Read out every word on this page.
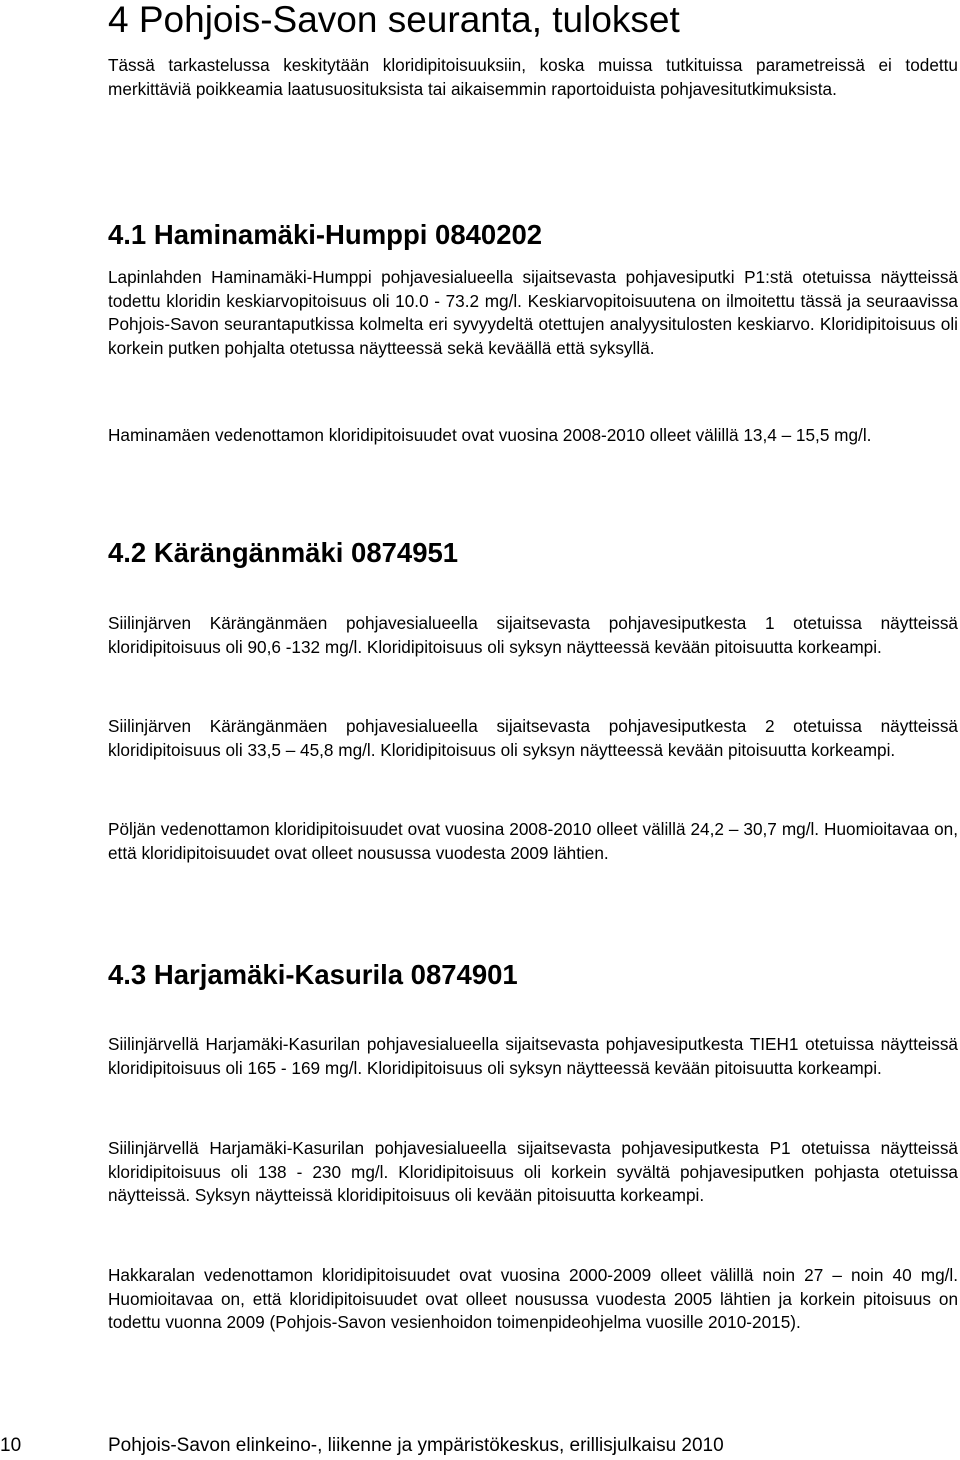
4 Pohjois-Savon seuranta, tulokset

Tässä tarkastelussa keskitytään kloridipitoisuuksiin, koska muissa tutkituissa parametreissä ei todettu merkittäviä poikkeamia laatusuosituksista tai aikaisemmin raportoiduista pohjavesitutkimuksista.

4.1 Haminamäki-Humppi 0840202

Lapinlahden Haminamäki-Humppi pohjavesialueella sijaitsevasta pohjavesiputki P1:stä otetuissa näytteissä todettu kloridin keskiarvopitoisuus oli 10.0 - 73.2 mg/l. Keskiarvopitoisuutena on ilmoitettu tässä ja seuraavissa Pohjois-Savon seurantaputkissa kolmelta eri syvyydeltä otettujen analyysitulosten keskiarvo. Kloridipitoisuus oli korkein putken pohjalta otetussa näytteessä sekä keväällä että syksyllä.

Haminamäen vedenottamon kloridipitoisuudet ovat vuosina 2008-2010 olleet välillä 13,4 – 15,5 mg/l.

4.2 Kärängänmäki 0874951

Siilinjärven Kärängänmäen pohjavesialueella sijaitsevasta pohjavesiputkesta 1 otetuissa näytteissä kloridipitoisuus oli 90,6 -132 mg/l. Kloridipitoisuus oli syksyn näytteessä kevään pitoisuutta korkeampi.

Siilinjärven Kärängänmäen pohjavesialueella sijaitsevasta pohjavesiputkesta 2 otetuissa näytteissä kloridipitoisuus oli 33,5 – 45,8 mg/l. Kloridipitoisuus oli syksyn näytteessä kevään pitoisuutta korkeampi.

Pöljän vedenottamon kloridipitoisuudet ovat vuosina 2008-2010 olleet välillä 24,2 – 30,7 mg/l. Huomioitavaa on, että kloridipitoisuudet ovat olleet nousussa vuodesta 2009 lähtien.

4.3 Harjamäki-Kasurila 0874901

Siilinjärvellä Harjamäki-Kasurilan pohjavesialueella sijaitsevasta pohjavesiputkesta TIEH1 otetuissa näytteissä kloridipitoisuus oli 165 - 169 mg/l. Kloridipitoisuus oli syksyn näytteessä kevään pitoisuutta korkeampi.

Siilinjärvellä Harjamäki-Kasurilan pohjavesialueella sijaitsevasta pohjavesiputkesta P1 otetuissa näytteissä kloridipitoisuus oli 138 - 230 mg/l. Kloridipitoisuus oli korkein syvältä pohjavesiputken pohjasta otetuissa näytteissä. Syksyn näytteissä kloridipitoisuus oli kevään pitoisuutta korkeampi.

Hakkaralan vedenottamon kloridipitoisuudet ovat vuosina 2000-2009 olleet välillä noin 27 – noin 40 mg/l. Huomioitavaa on, että kloridipitoisuudet ovat olleet nousussa vuodesta 2005 lähtien ja korkein pitoisuus on todettu vuonna 2009 (Pohjois-Savon vesienhoidon toimenpideohjelma vuosille 2010-2015).

10	Pohjois-Savon elinkeino-, liikenne ja ympäristökeskus, erillisjulkaisu 2010
